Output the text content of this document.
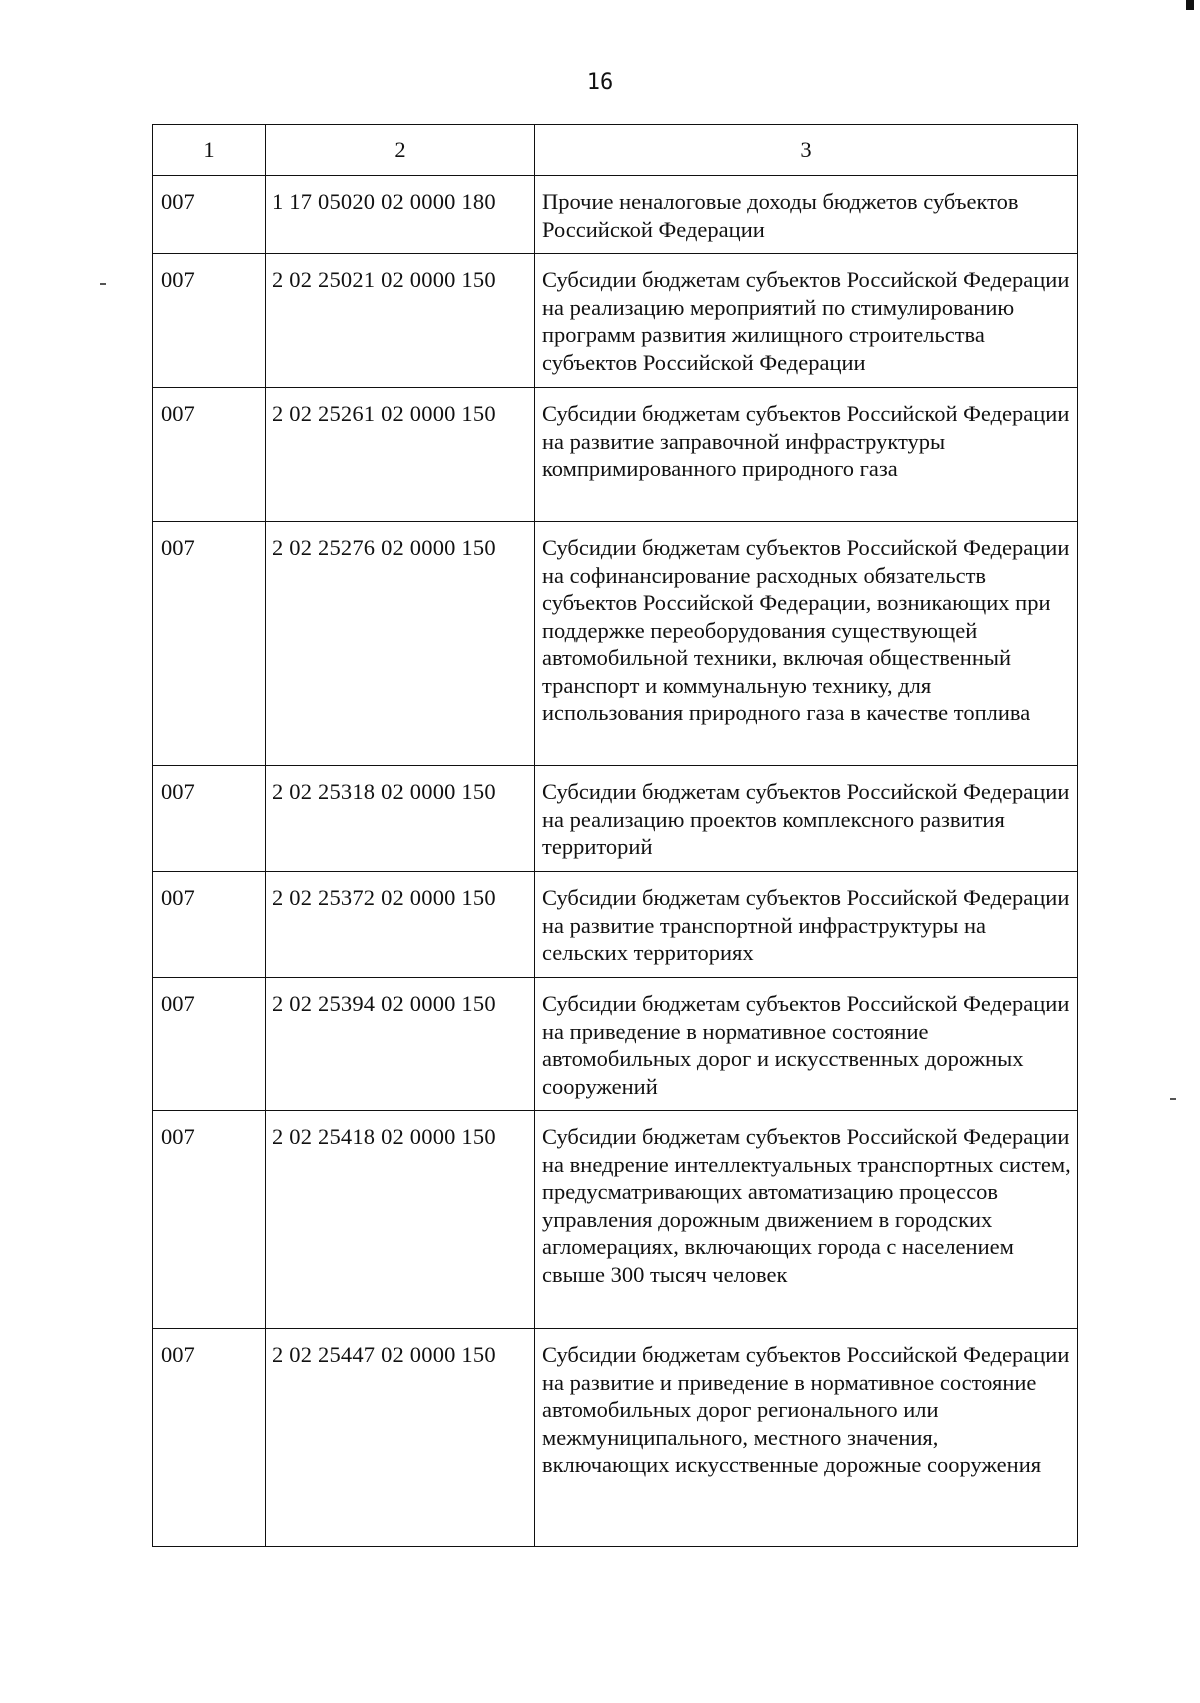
16
1	2	3
007	1 17 05020 02 0000 180	Прочие неналоговые доходы бюджетов субъектов Российской Федерации
007	2 02 25021 02 0000 150	Субсидии бюджетам субъектов Российской Федерации на реализацию мероприятий по стимулированию программ развития жилищного строительства субъектов Российской Федерации
007	2 02 25261 02 0000 150	Субсидии бюджетам субъектов Российской Федерации на развитие заправочной инфраструктуры компримированного природного газа
007	2 02 25276 02 0000 150	Субсидии бюджетам субъектов Российской Федерации на софинансирование расходных обязательств субъектов Российской Федерации, возникающих при поддержке переоборудования существующей автомобильной техники, включая общественный транспорт и коммунальную технику, для использования природного газа в качестве топлива
007	2 02 25318 02 0000 150	Субсидии бюджетам субъектов Российской Федерации на реализацию проектов комплексного развития территорий
007	2 02 25372 02 0000 150	Субсидии бюджетам субъектов Российской Федерации на развитие транспортной инфраструктуры на сельских территориях
007	2 02 25394 02 0000 150	Субсидии бюджетам субъектов Российской Федерации на приведение в нормативное состояние автомобильных дорог и искусственных дорожных сооружений
007	2 02 25418 02 0000 150	Субсидии бюджетам субъектов Российской Федерации на внедрение интеллектуальных транспортных систем, предусматривающих автоматизацию процессов управления дорожным движением в городских агломерациях, включающих города с населением свыше 300 тысяч человек
007	2 02 25447 02 0000 150	Субсидии бюджетам субъектов Российской Федерации на развитие и приведение в нормативное состояние автомобильных дорог регионального или межмуниципального, местного значения, включающих искусственные дорожные сооружения
